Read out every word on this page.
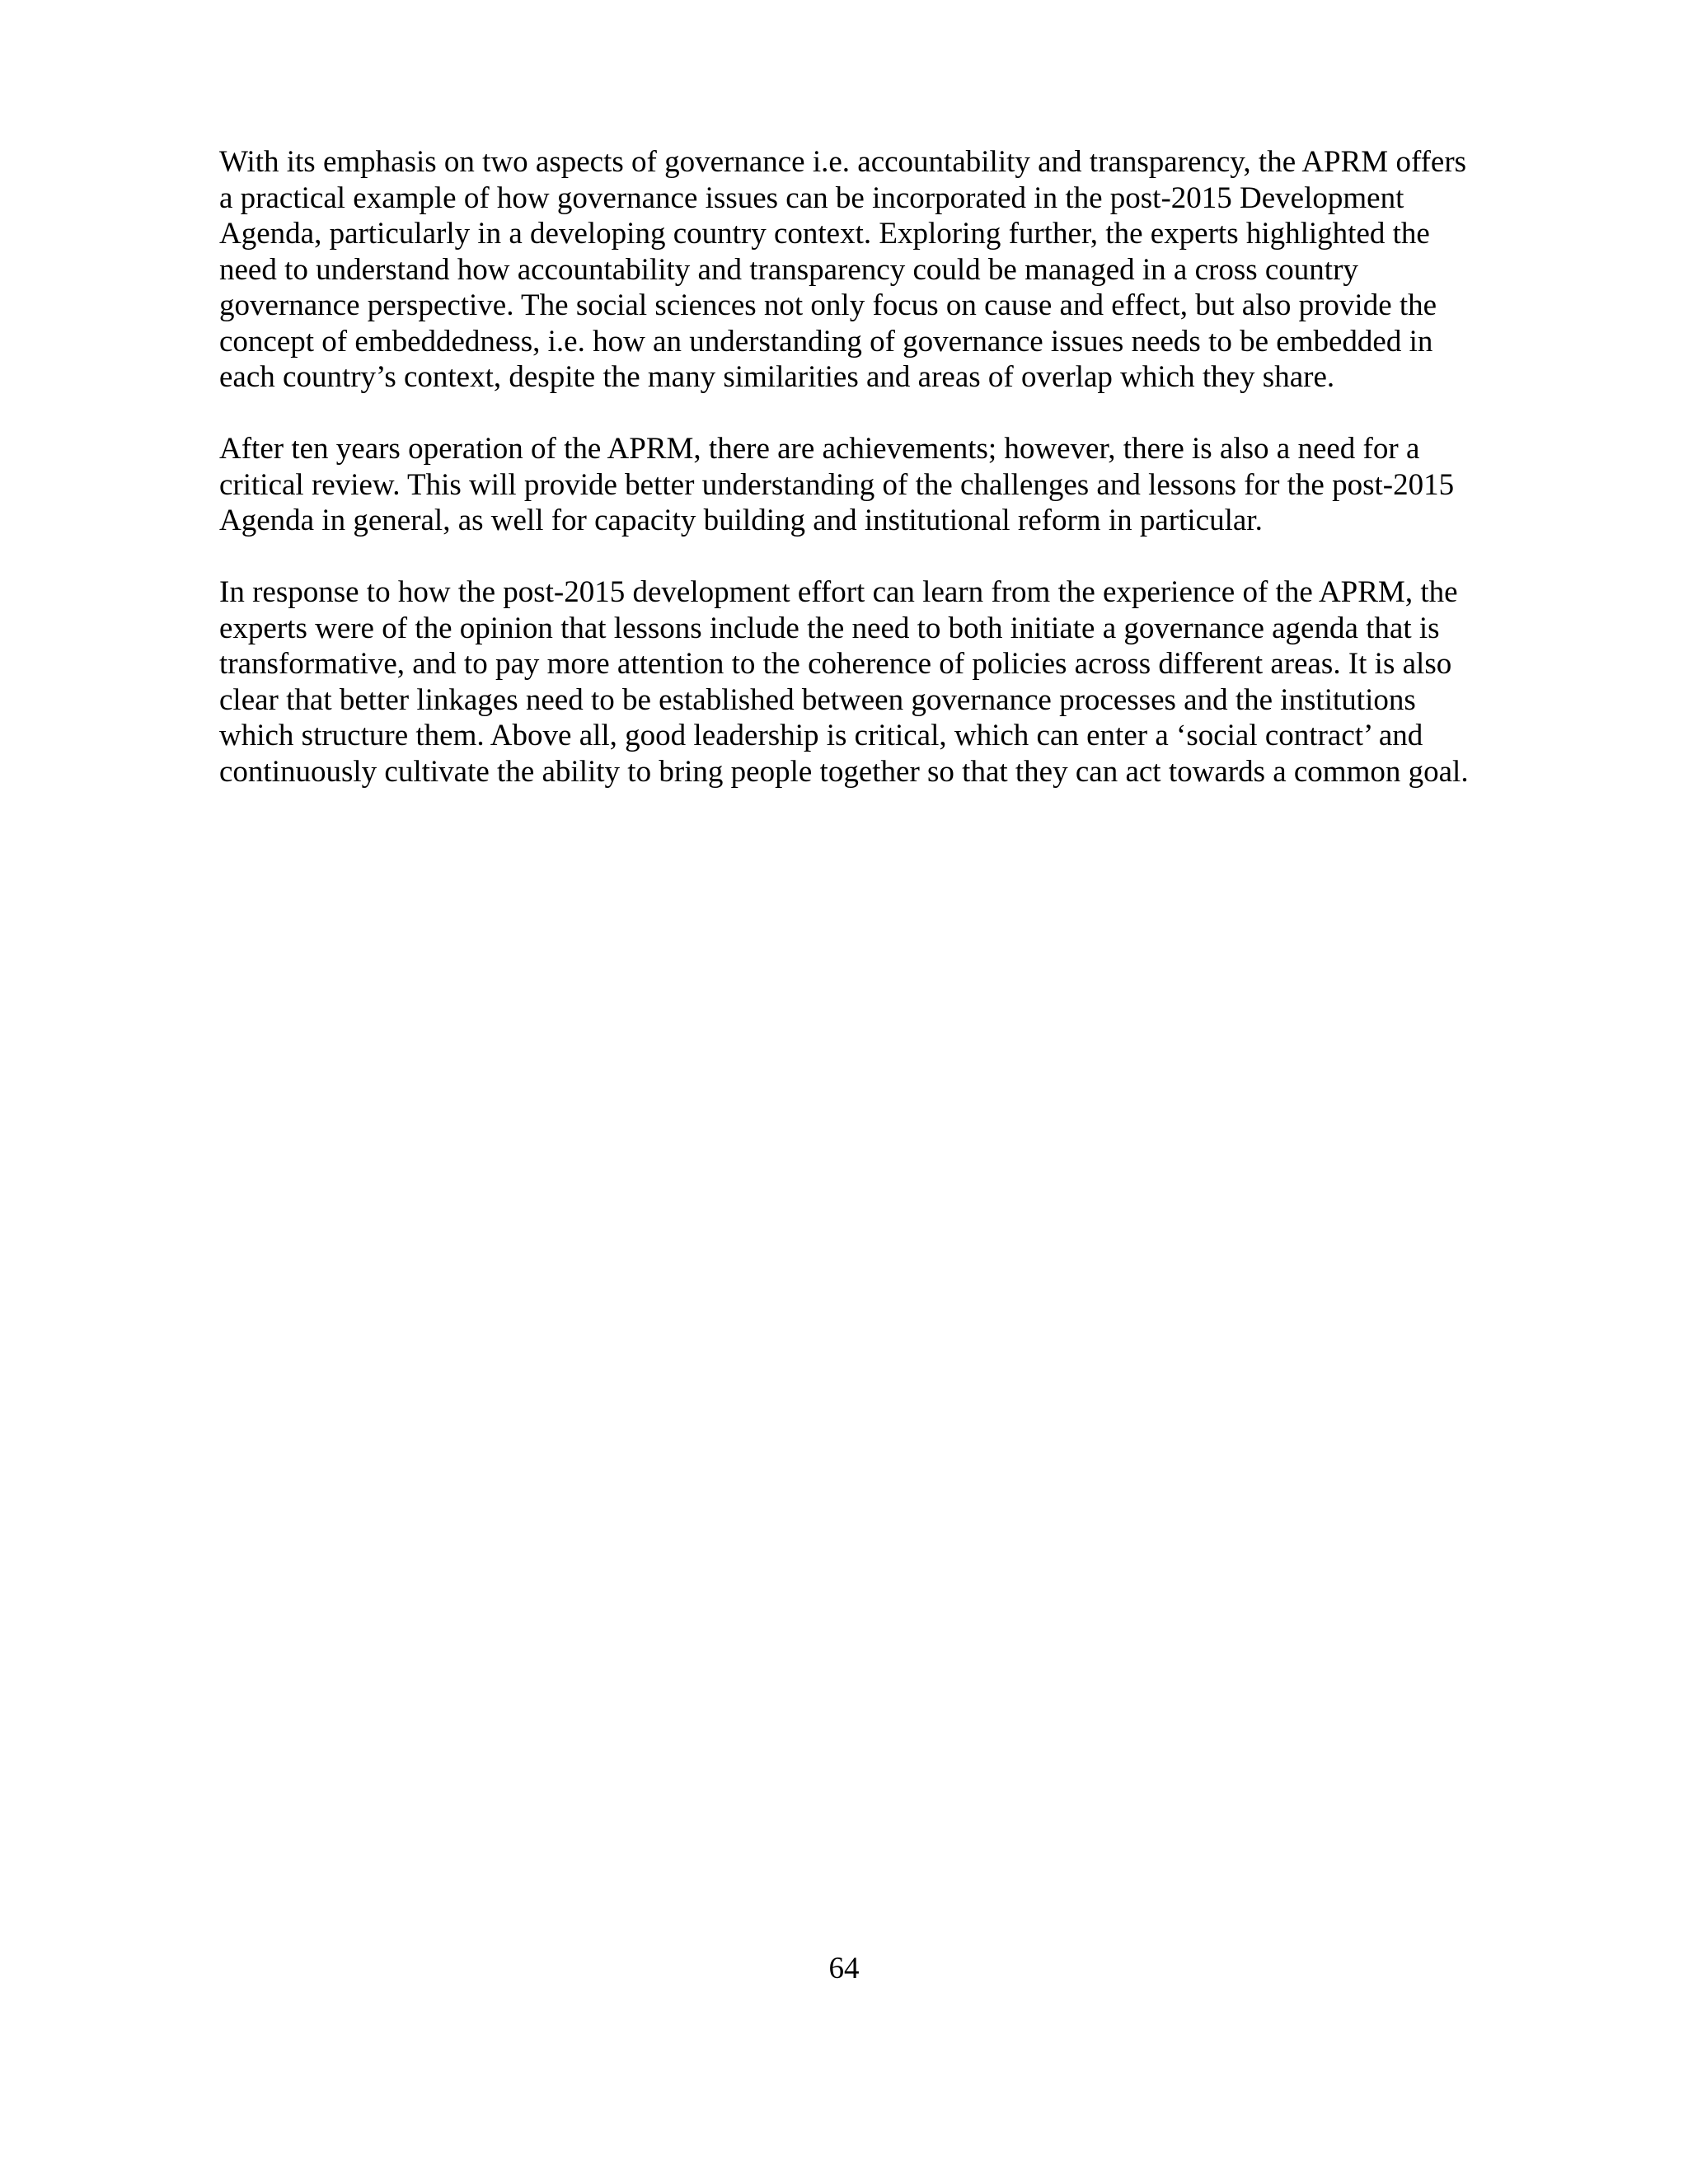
With its emphasis on two aspects of governance i.e. accountability and transparency, the APRM offers a practical example of how governance issues can be incorporated in the post-2015 Development Agenda, particularly in a developing country context. Exploring further, the experts highlighted the need to understand how accountability and transparency could be managed in a cross country governance perspective. The social sciences not only focus on cause and effect, but also provide the concept of embeddedness, i.e. how an understanding of governance issues needs to be embedded in each country’s context, despite the many similarities and areas of overlap which they share.

After ten years operation of the APRM, there are achievements; however, there is also a need for a critical review. This will provide better understanding of the challenges and lessons for the post-2015 Agenda in general, as well for capacity building and institutional reform in particular.

In response to how the post-2015 development effort can learn from the experience of the APRM, the experts were of the opinion that lessons include the need to both initiate a governance agenda that is transformative, and to pay more attention to the coherence of policies across different areas. It is also clear that better linkages need to be established between governance processes and the institutions which structure them. Above all, good leadership is critical, which can enter a ‘social contract’ and continuously cultivate the ability to bring people together so that they can act towards a common goal.

64
